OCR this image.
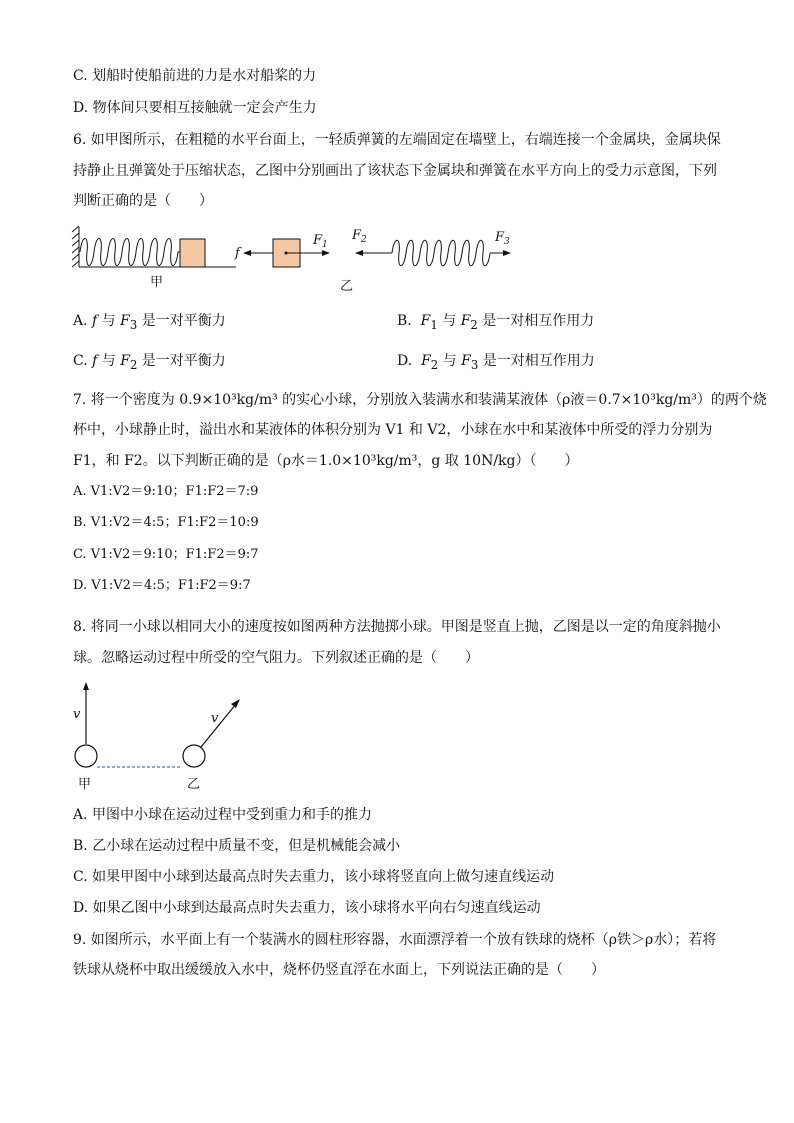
C. 划船时使船前进的力是水对船桨的力
D. 物体间只要相互接触就一定会产生力
6. 如甲图所示，在粗糙的水平台面上，一轻质弹簧的左端固定在墙壁上，右端连接一个金属块，金属块保
持静止且弹簧处于压缩状态，乙图中分别画出了该状态下金属块和弹簧在水平方向上的受力示意图，下列
判断正确的是（　　）
甲
f
$F_1$
乙
$F_2$	$F_3$
A. f 与 $F_3$ 是一对平衡力	B.  $F_1$ 与 $F_2$ 是一对相互作用力
C. f 与 $F_2$ 是一对平衡力	D.  $F_2$ 与 $F_3$ 是一对相互作用力
7. 将一个密度为 0.9×10³kg/m³ 的实心小球，分别放入装满水和装满某液体（ρ液＝0.7×10³kg/m³）的两个烧
杯中，小球静止时，溢出水和某液体的体积分别为 V1 和 V2，小球在水中和某液体中所受的浮力分别为
F1，和 F2。以下判断正确的是（ρ水＝1.0×10³kg/m³，g 取 10N/kg）（　　）
A. V1:V2＝9:10；F1:F2＝7:9
B. V1:V2＝4:5；F1:F2＝10:9
C. V1:V2＝9:10；F1:F2＝9:7
D. V1:V2＝4:5；F1:F2＝9:7
8. 将同一小球以相同大小的速度按如图两种方法抛掷小球。甲图是竖直上抛，乙图是以一定的角度斜抛小
球。忽略运动过程中所受的空气阻力。下列叙述正确的是（　　）
v	v
甲	乙
A. 甲图中小球在运动过程中受到重力和手的推力
B. 乙小球在运动过程中质量不变，但是机械能会减小
C. 如果甲图中小球到达最高点时失去重力，该小球将竖直向上做匀速直线运动
D. 如果乙图中小球到达最高点时失去重力，该小球将水平向右匀速直线运动
9. 如图所示，水平面上有一个装满水的圆柱形容器，水面漂浮着一个放有铁球的烧杯（ρ铁＞ρ水）；若将
铁球从烧杯中取出缓缓放入水中，烧杯仍竖直浮在水面上，下列说法正确的是（　　）
